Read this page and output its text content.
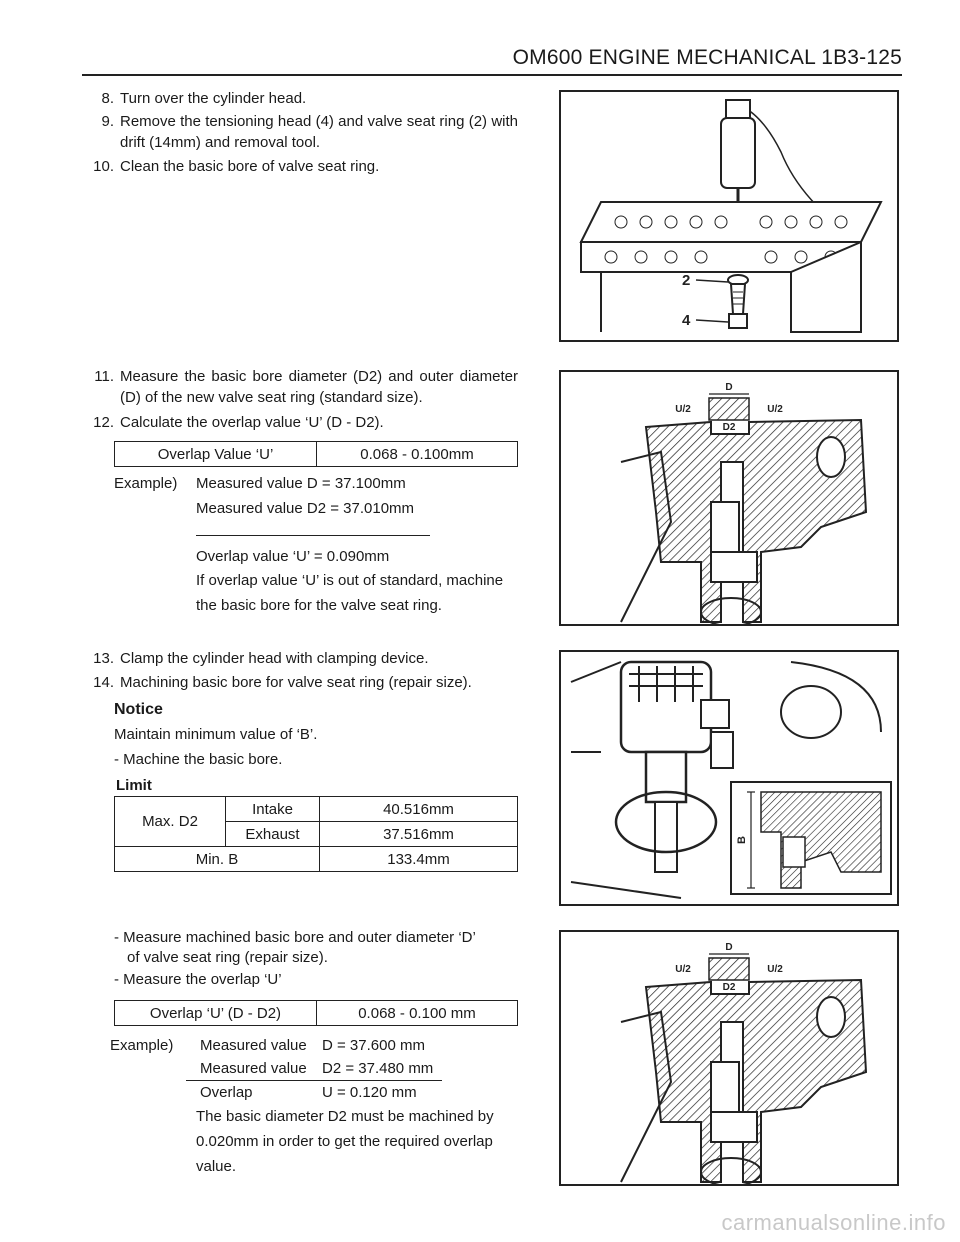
OM600 ENGINE MECHANICAL 1B3-125
8. Turn over the cylinder head.
9. Remove the tensioning head (4) and valve seat ring (2) with drift (14mm) and removal tool.
10. Clean the basic bore of valve seat ring.
11. Measure the basic bore diameter (D2) and outer diameter (D) of the new valve seat ring (standard size).
12. Calculate the overlap value ‘U’ (D - D2).
Overlap Value ‘U’	0.068 - 0.100mm
Example) Measured value D = 37.100mm
Measured value D2 = 37.010mm
Overlap value ‘U’ = 0.090mm
If overlap value ‘U’ is out of standard, machine
the basic bore for the valve seat ring.
13. Clamp the cylinder head with clamping device.
14. Machining basic bore for valve seat ring (repair size).
Notice
Maintain minimum value of ‘B’.
- Machine the basic bore.
Limit
Max. D2	Intake	40.516mm
	Exhaust	37.516mm
Min. B		133.4mm
- Measure machined basic bore and outer diameter ‘D’
of valve seat ring (repair size).
- Measure the overlap ‘U’
Overlap ‘U’ (D - D2)	0.068 - 0.100 mm
Example) Measured value D = 37.600 mm
Measured value D2 = 37.480 mm
Overlap	U = 0.120 mm
The basic diameter D2 must be machined by
0.020mm in order to get the required overlap
value.
2
4
D
U/2	U/2
D2
B
D
U/2	U/2
D2
carmanualsonline.info
